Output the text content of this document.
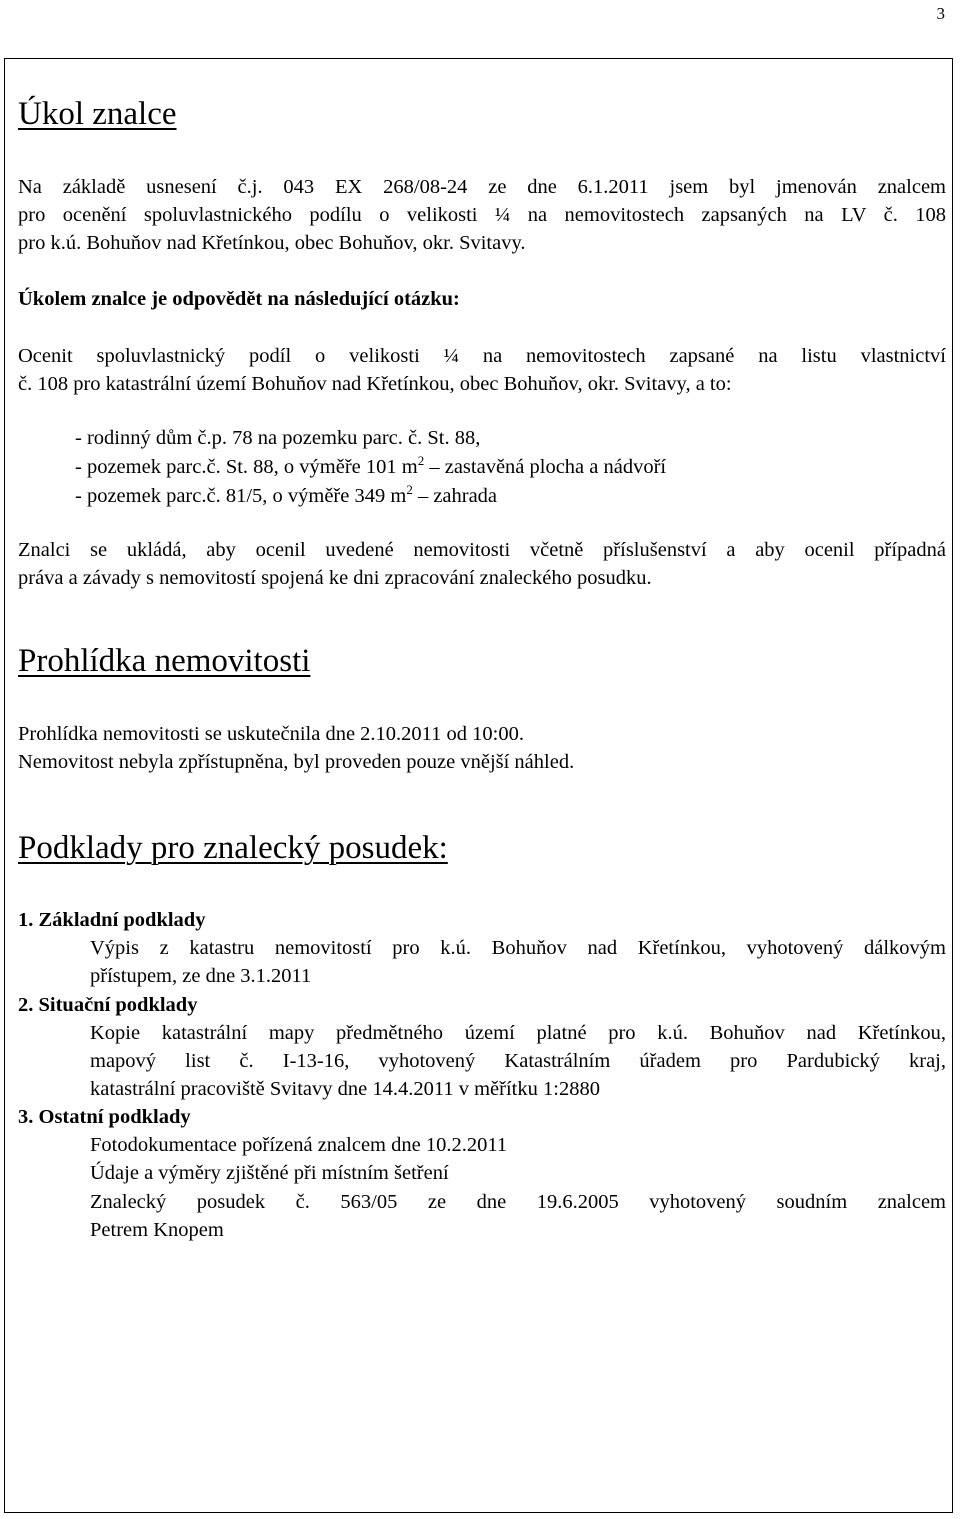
3
Úkol znalce
Na základě usnesení č.j. 043 EX 268/08-24 ze dne 6.1.2011 jsem byl jmenován znalcem
pro ocenění spoluvlastnického podílu o velikosti ¼ na nemovitostech zapsaných na LV č. 108
pro k.ú. Bohuňov nad Křetínkou, obec Bohuňov, okr. Svitavy.
Úkolem znalce je odpovědět na následující otázku:
Ocenit spoluvlastnický podíl o velikosti ¼ na nemovitostech zapsané na listu vlastnictví
č. 108 pro katastrální území Bohuňov nad Křetínkou, obec Bohuňov, okr. Svitavy, a to:
- rodinný dům č.p. 78 na pozemku parc. č. St. 88,
- pozemek parc.č. St. 88, o výměře 101 $m^2$ – zastavěná plocha a nádvoří
- pozemek parc.č. 81/5, o výměře 349 $m^2$ – zahrada
Znalci se ukládá, aby ocenil uvedené nemovitosti včetně příslušenství a aby ocenil případná
práva a závady s nemovitostí spojená ke dni zpracování znaleckého posudku.
Prohlídka nemovitosti
Prohlídka nemovitosti se uskutečnila dne 2.10.2011 od 10:00.
Nemovitost nebyla zpřístupněna, byl proveden pouze vnější náhled.
Podklady pro znalecký posudek:
1. Základní podklady
Výpis z katastru nemovitostí pro k.ú. Bohuňov nad Křetínkou, vyhotovený dálkovým
přístupem, ze dne 3.1.2011
2. Situační podklady
Kopie katastrální mapy předmětného území platné pro k.ú. Bohuňov nad Křetínkou,
mapový list č. I-13-16, vyhotovený Katastrálním úřadem pro Pardubický kraj,
katastrální pracoviště Svitavy dne 14.4.2011 v měřítku 1:2880
3. Ostatní podklady
Fotodokumentace pořízená znalcem dne 10.2.2011
Údaje a výměry zjištěné při místním šetření
Znalecký posudek č. 563/05 ze dne 19.6.2005 vyhotovený soudním znalcem
Petrem Knopem
